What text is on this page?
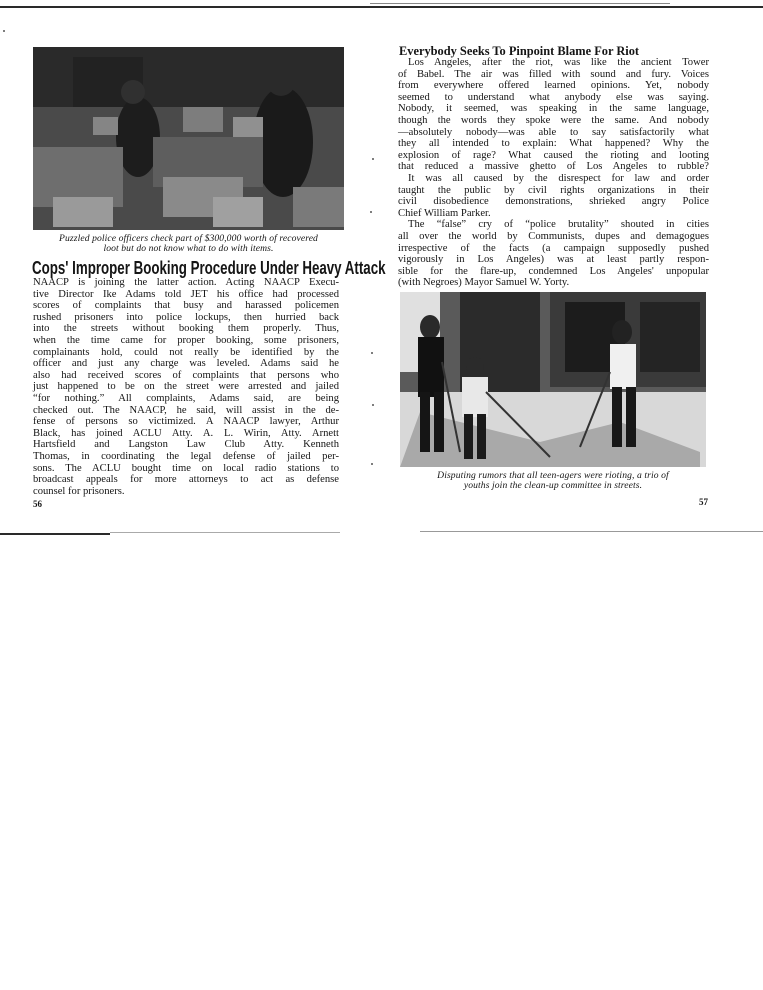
Puzzled police officers check part of $300,000 worth of recovered
loot but do not know what to do with items.
Cops' Improper Booking Procedure Under Heavy Attack
NAACP is joining the latter action. Acting NAACP Execu-
tive Director Ike Adams told JET his office had processed
scores of complaints that busy and harassed policemen
rushed prisoners into police lockups, then hurried back
into the streets without booking them properly. Thus,
when the time came for proper booking, some prisoners,
complainants hold, could not really be identified by the
officer and just any charge was leveled. Adams said he
also had received scores of complaints that persons who
just happened to be on the street were arrested and jailed
“for nothing.” All complaints, Adams said, are being
checked out. The NAACP, he said, will assist in the de-
fense of persons so victimized. A NAACP lawyer, Arthur
Black, has joined ACLU Atty. A. L. Wirin, Atty. Arnett
Hartsfield and Langston Law Club Atty. Kenneth
Thomas, in coordinating the legal defense of jailed per-
sons. The ACLU bought time on local radio stations to
broadcast appeals for more attorneys to act as defense
counsel for prisoners.
56
Everybody Seeks To Pinpoint Blame For Riot
Los Angeles, after the riot, was like the ancient Tower
of Babel. The air was filled with sound and fury. Voices
from everywhere offered learned opinions. Yet, nobody
seemed to understand what anybody else was saying.
Nobody, it seemed, was speaking in the same language,
though the words they spoke were the same. And nobody
—absolutely nobody—was able to say satisfactorily what
they all intended to explain: What happened? Why the
explosion of rage? What caused the rioting and looting
that reduced a massive ghetto of Los Angeles to rubble?
It was all caused by the disrespect for law and order
taught the public by civil rights organizations in their
civil disobedience demonstrations, shrieked angry Police
Chief William Parker.
The “false” cry of “police brutality” shouted in cities
all over the world by Communists, dupes and demagogues
irrespective of the facts (a campaign supposedly pushed
vigorously in Los Angeles) was at least partly respon-
sible for the flare-up, condemned Los Angeles' unpopular
(with Negroes) Mayor Samuel W. Yorty.
Disputing rumors that all teen-agers were rioting, a trio of
youths join the clean-up committee in streets.
57
